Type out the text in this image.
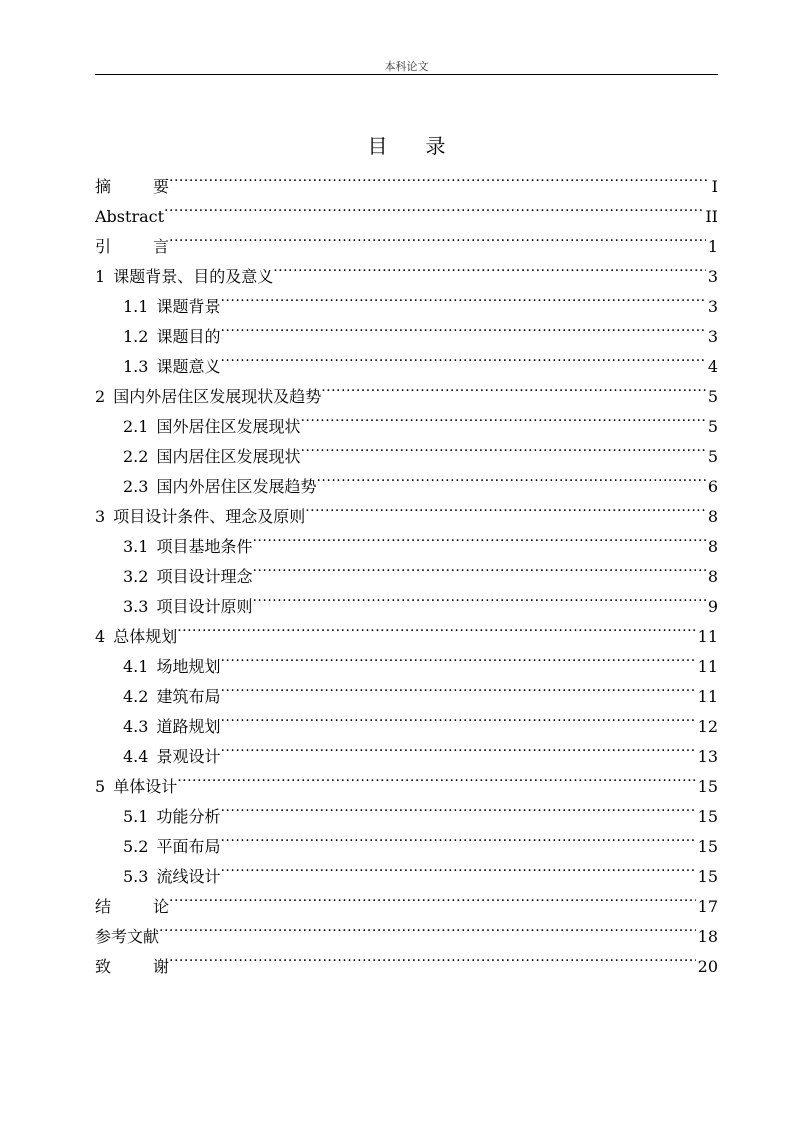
本科论文
目 录
摘	要 .....	I
Abstract .....	II
引	言 .....	1
1 课题背景、目的及意义 .....	3
1.1 课题背景 .....	3
1.2 课题目的 .....	3
1.3 课题意义 .....	4
2 国内外居住区发展现状及趋势 .....	5
2.1 国外居住区发展现状 .....	5
2.2 国内居住区发展现状 .....	5
2.3 国内外居住区发展趋势 .....	6
3 项目设计条件、理念及原则 .....	8
3.1 项目基地条件 .....	8
3.2 项目设计理念 .....	8
3.3 项目设计原则 .....	9
4 总体规划 .....	11
4.1 场地规划 .....	11
4.2 建筑布局 .....	11
4.3 道路规划 .....	12
4.4 景观设计 .....	13
5 单体设计 .....	15
5.1 功能分析 .....	15
5.2 平面布局 .....	15
5.3 流线设计 .....	15
结	论 .....	17
参考文献 .....	18
致	谢 .....	20
